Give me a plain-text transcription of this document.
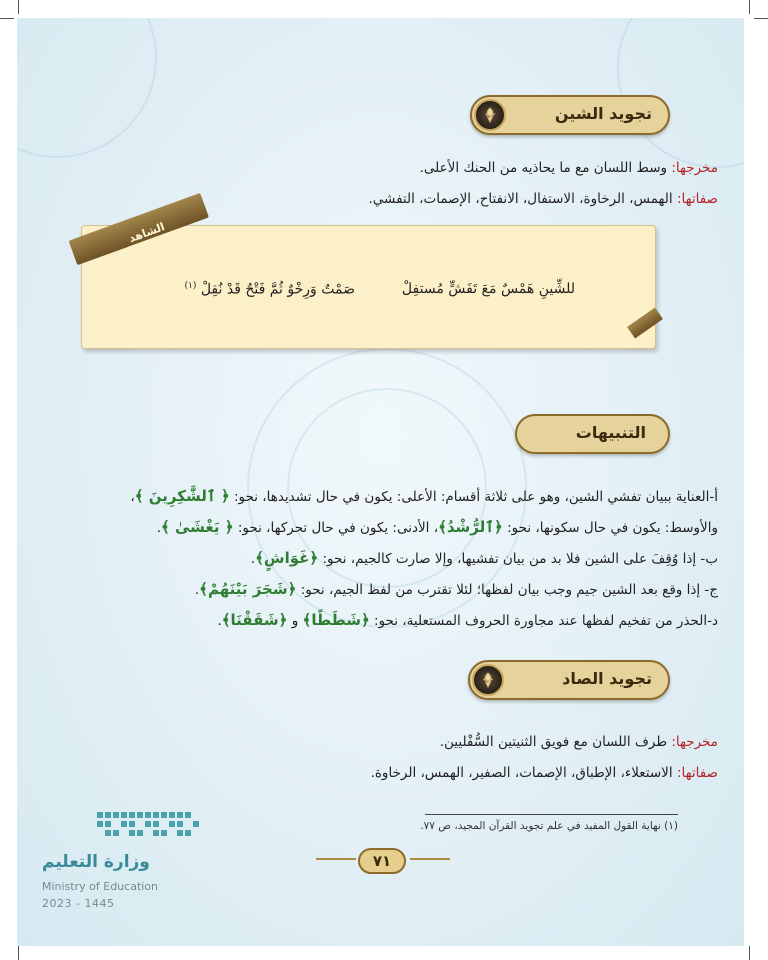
تجويد الشين
مخرجها: وسط اللسان مع ما يحاذيه من الحنك الأعلى.
صفاتها: الهمس، الرخاوة، الاستفال، الانفتاح، الإصمات، التفشي.
للشِّينِ هَمْسٌ مَعَ تَفَشٍّ مُستفِلْ
صَمْتٌ وَرِخْوٌ ثُمَّ فَتْحٌ قَدْ نُقِلْ $^{(١)}$
الشاهد
التنبيهات
أ-العناية ببيان تفشي الشين، وهو على ثلاثة أقسام: الأعلى: يكون في حال تشديدها، نحو: ﴿ ٱلشَّٰكِرِينَ ﴾،
والأوسط: يكون في حال سكونها، نحو: ﴿ٱلرُّشْدُ﴾، الأدنى: يكون في حال تحركها، نحو: ﴿ يَغْشَىٰ ﴾.
ب- إذا وُقِفَ على الشين فلا بد من بيان تفشيها، وإلا صارت كالجيم، نحو: ﴿غَوَاشٍ﴾.
ج- إذا وقع بعد الشين جيم وجب بيان لفظها؛ لئلا تقترب من لفظ الجيم، نحو: ﴿شَجَرَ بَيْنَهُمْ﴾.
د-الحذر من تفخيم لفظها عند مجاورة الحروف المستعلية، نحو: ﴿شَطَطًا﴾ و ﴿شَقَقْنَا﴾.
تجويد الصاد
مخرجها: طرف اللسان مع فويق الثنيتين السُّفْليين.
صفاتها: الاستعلاء، الإطباق، الإصمات، الصفير، الهمس، الرخاوة.
(١) نهاية القول المفيد في علم تجويد القرآن المجيد، ص ٧٧.
٧١
وزارة التعليم
Ministry of Education
2023 - 1445
